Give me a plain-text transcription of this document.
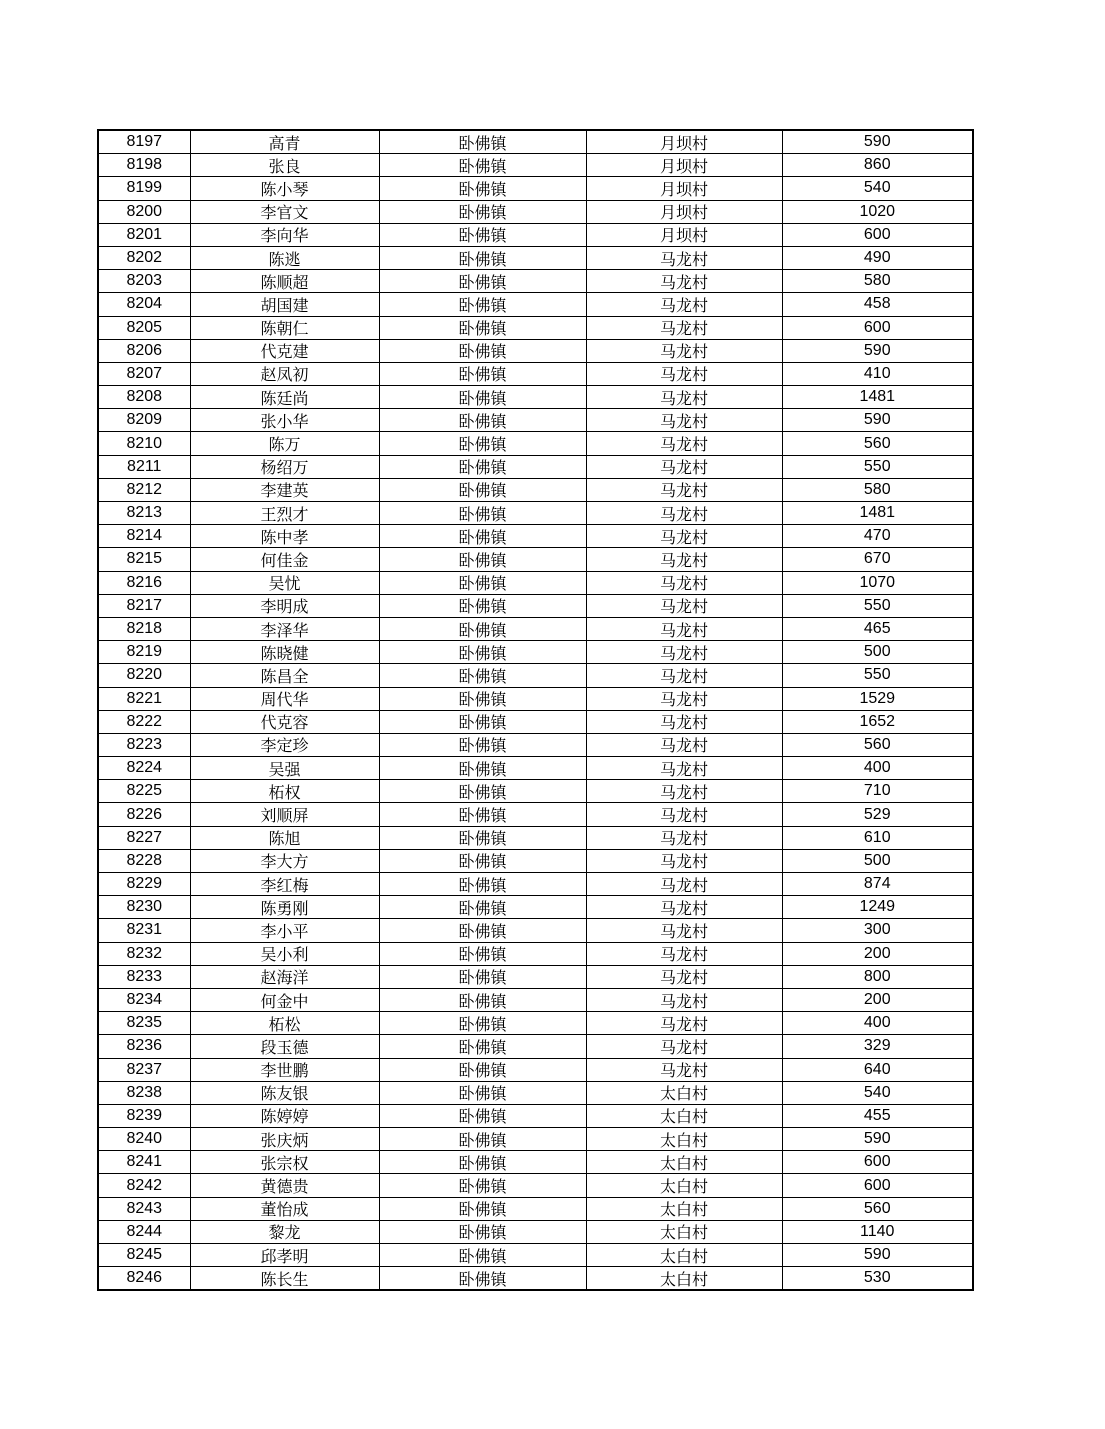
8197	高青	卧佛镇	月坝村	590
8198	张良	卧佛镇	月坝村	860
8199	陈小琴	卧佛镇	月坝村	540
8200	李官文	卧佛镇	月坝村	1020
8201	李向华	卧佛镇	月坝村	600
8202	陈逃	卧佛镇	马龙村	490
8203	陈顺超	卧佛镇	马龙村	580
8204	胡国建	卧佛镇	马龙村	458
8205	陈朝仁	卧佛镇	马龙村	600
8206	代克建	卧佛镇	马龙村	590
8207	赵凤初	卧佛镇	马龙村	410
8208	陈廷尚	卧佛镇	马龙村	1481
8209	张小华	卧佛镇	马龙村	590
8210	陈万	卧佛镇	马龙村	560
8211	杨绍万	卧佛镇	马龙村	550
8212	李建英	卧佛镇	马龙村	580
8213	王烈才	卧佛镇	马龙村	1481
8214	陈中孝	卧佛镇	马龙村	470
8215	何佳金	卧佛镇	马龙村	670
8216	吴忧	卧佛镇	马龙村	1070
8217	李明成	卧佛镇	马龙村	550
8218	李泽华	卧佛镇	马龙村	465
8219	陈晓健	卧佛镇	马龙村	500
8220	陈昌全	卧佛镇	马龙村	550
8221	周代华	卧佛镇	马龙村	1529
8222	代克容	卧佛镇	马龙村	1652
8223	李定珍	卧佛镇	马龙村	560
8224	吴强	卧佛镇	马龙村	400
8225	柘权	卧佛镇	马龙村	710
8226	刘顺屏	卧佛镇	马龙村	529
8227	陈旭	卧佛镇	马龙村	610
8228	李大方	卧佛镇	马龙村	500
8229	李红梅	卧佛镇	马龙村	874
8230	陈勇刚	卧佛镇	马龙村	1249
8231	李小平	卧佛镇	马龙村	300
8232	吴小利	卧佛镇	马龙村	200
8233	赵海洋	卧佛镇	马龙村	800
8234	何金中	卧佛镇	马龙村	200
8235	柘松	卧佛镇	马龙村	400
8236	段玉德	卧佛镇	马龙村	329
8237	李世鹏	卧佛镇	马龙村	640
8238	陈友银	卧佛镇	太白村	540
8239	陈婷婷	卧佛镇	太白村	455
8240	张庆炳	卧佛镇	太白村	590
8241	张宗权	卧佛镇	太白村	600
8242	黄德贵	卧佛镇	太白村	600
8243	董怡成	卧佛镇	太白村	560
8244	黎龙	卧佛镇	太白村	1140
8245	邱孝明	卧佛镇	太白村	590
8246	陈长生	卧佛镇	太白村	530
